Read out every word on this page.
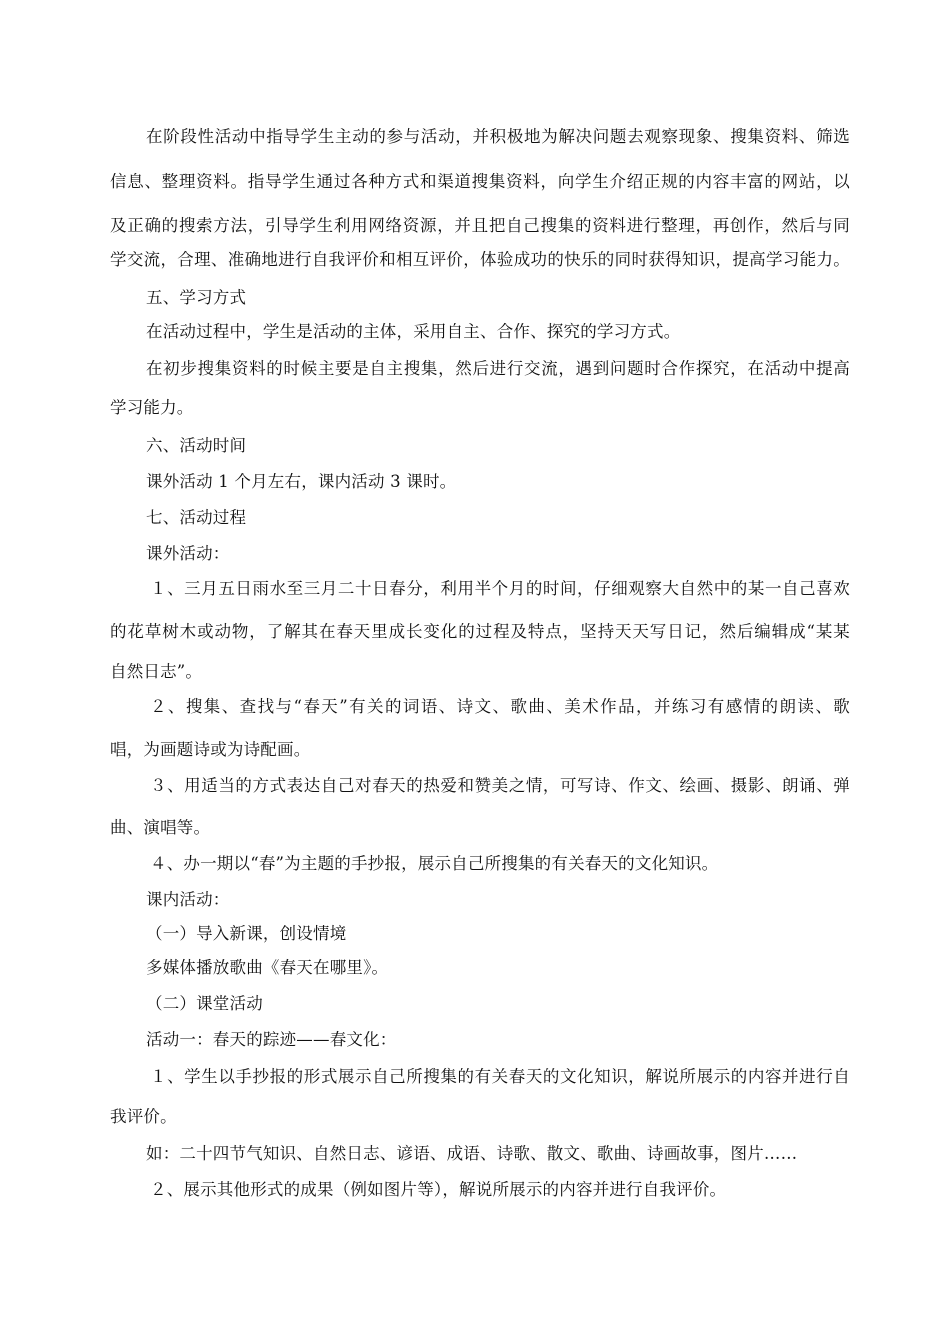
在阶段性活动中指导学生主动的参与活动，并积极地为解决问题去观察现象、搜集资料、筛选
信息、整理资料。指导学生通过各种方式和渠道搜集资料，向学生介绍正规的内容丰富的网站，以
及正确的搜索方法，引导学生利用网络资源，并且把自己搜集的资料进行整理，再创作，然后与同
学交流，合理、准确地进行自我评价和相互评价，体验成功的快乐的同时获得知识，提高学习能力。
五、学习方式
在活动过程中，学生是活动的主体，采用自主、合作、探究的学习方式。
在初步搜集资料的时候主要是自主搜集，然后进行交流，遇到问题时合作探究，在活动中提高
学习能力。
六、活动时间
课外活动 1 个月左右，课内活动 3 课时。
七、活动过程
课外活动：
１、三月五日雨水至三月二十日春分，利用半个月的时间，仔细观察大自然中的某一自己喜欢
的花草树木或动物，了解其在春天里成长变化的过程及特点，坚持天天写日记，然后编辑成“某某
自然日志”。
２、搜集、查找与“春天”有关的词语、诗文、歌曲、美术作品，并练习有感情的朗读、歌
唱，为画题诗或为诗配画。
３、用适当的方式表达自己对春天的热爱和赞美之情，可写诗、作文、绘画、摄影、朗诵、弹
曲、演唱等。
４、办一期以“春”为主题的手抄报，展示自己所搜集的有关春天的文化知识。
课内活动：
（一）导入新课，创设情境
多媒体播放歌曲《春天在哪里》。
（二）课堂活动
活动一：春天的踪迹——春文化：
１、学生以手抄报的形式展示自己所搜集的有关春天的文化知识，解说所展示的内容并进行自
我评价。
如：二十四节气知识、自然日志、谚语、成语、诗歌、散文、歌曲、诗画故事，图片……
２、展示其他形式的成果（例如图片等），解说所展示的内容并进行自我评价。
